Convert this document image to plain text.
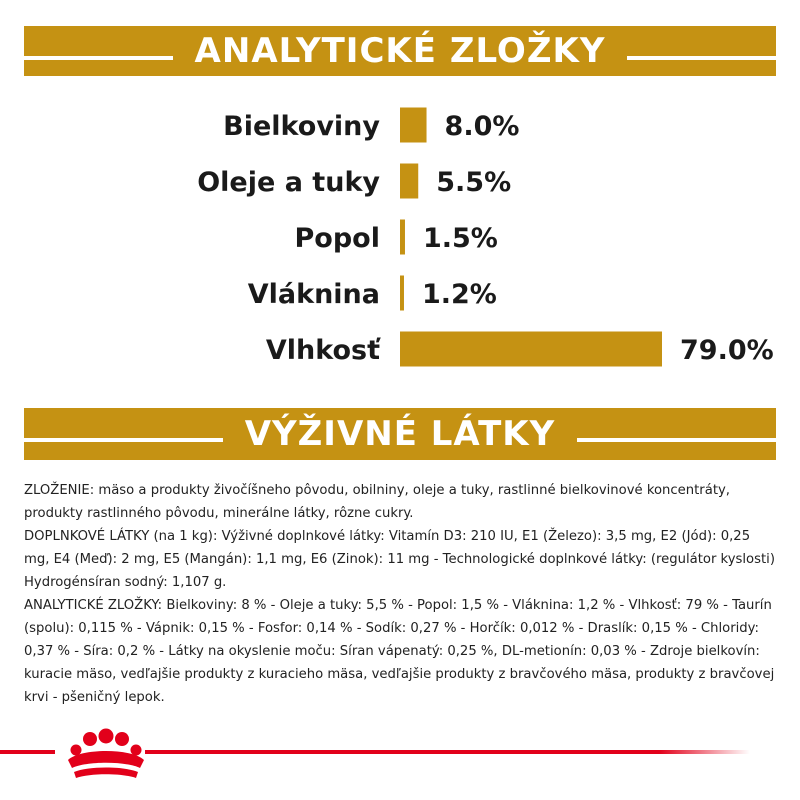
ANALYTICKÉ ZLOŽKY
Bielkoviny 8.0%
Oleje a tuky 5.5%
Popol 1.5%
Vláknina 1.2%
Vlhkosť	79.0%
VÝŽIVNÉ LÁTKY

ZLOŽENIE: mäso a produkty živočíšneho pôvodu, obilniny, oleje a tuky, rastlinné bielkovinové koncentráty, produkty rastlinného pôvodu, minerálne látky, rôzne cukry.

DOPLNKOVÉ LÁTKY (na 1 kg): Výživné doplnkové látky: Vitamín D3: 210 IU, E1 (Železo): 3,5 mg, E2 (Jód): 0,25 mg, E4 (Meď): 2 mg, E5 (Mangán): 1,1 mg, E6 (Zinok): 11 mg - Technologické doplnkové látky: (regulátor kyslosti) Hydrogénsíran sodný: 1,107 g.

ANALYTICKÉ ZLOŽKY: Bielkoviny: 8 % - Oleje a tuky: 5,5 % - Popol: 1,5 % - Vláknina: 1,2 % - Vlhkosť: 79 % - Taurín (spolu): 0,115 % - Vápnik: 0,15 % - Fosfor: 0,14 % - Sodík: 0,27 % - Horčík: 0,012 % - Draslík: 0,15 % - Chloridy: 0,37 % - Síra: 0,2 % - Látky na okyslenie moču: Síran vápenatý: 0,25 %, DL-metionín: 0,03 % - Zdroje bielkovín: kuracie mäso, vedľajšie produkty z kuracieho mäsa, vedľajšie produkty z bravčového mäsa, produkty z bravčovej krvi - pšeničný lepok.
